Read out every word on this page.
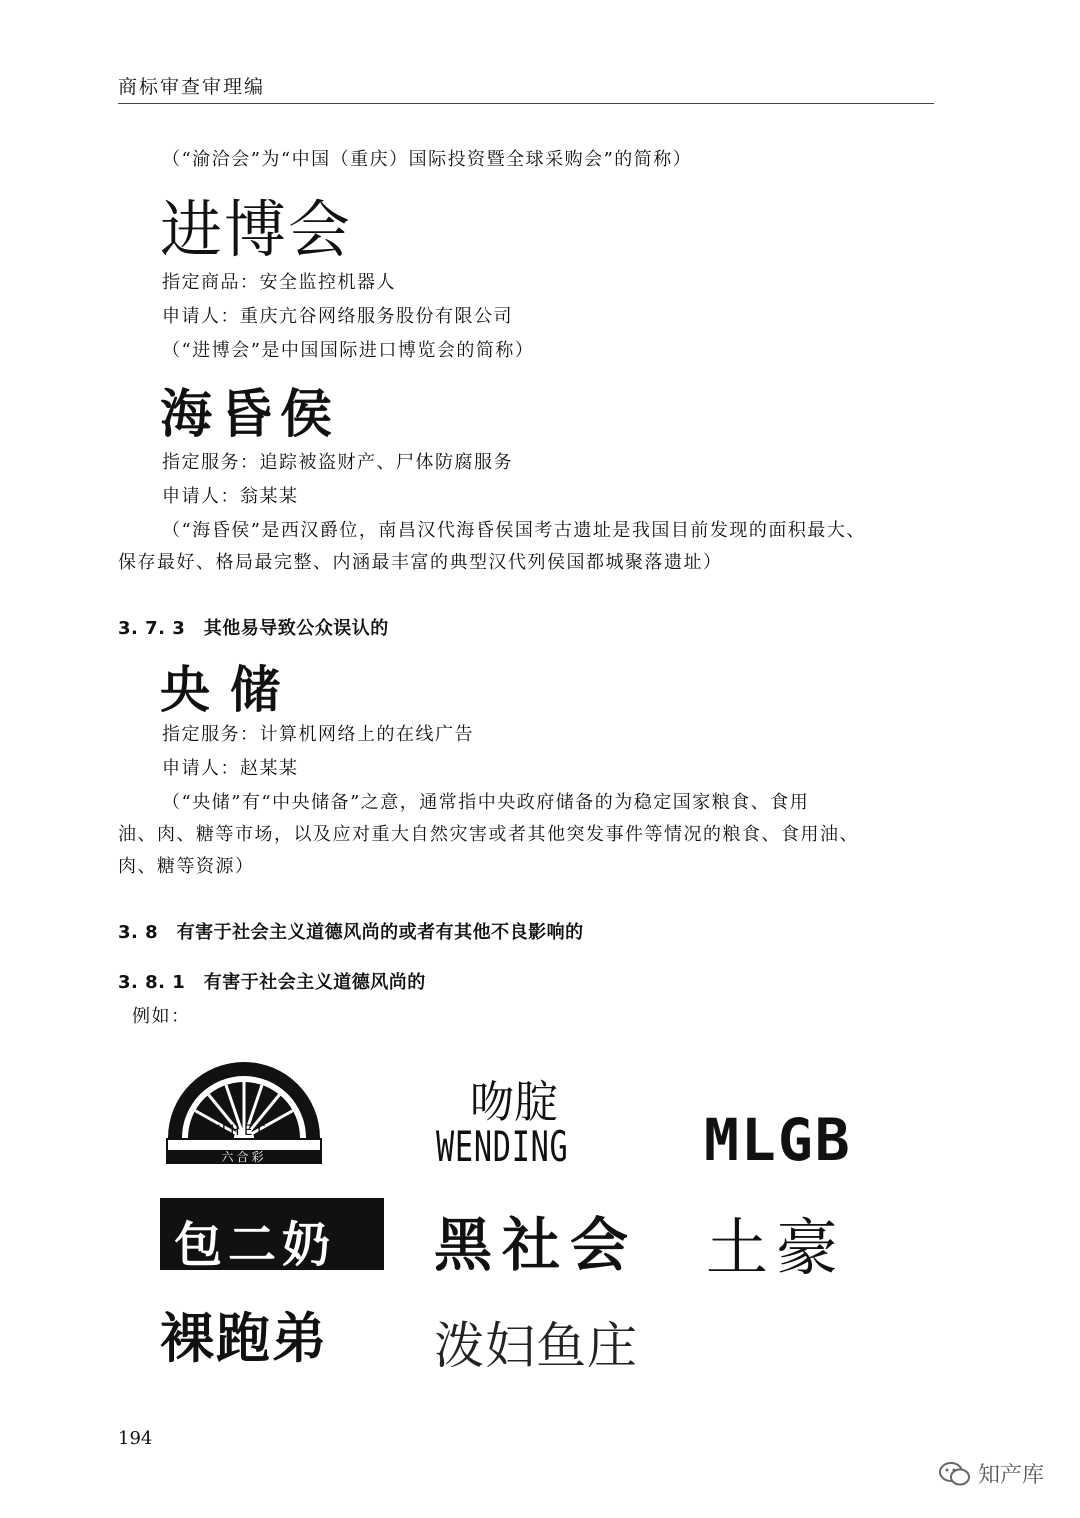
商标审查审理编
（“渝洽会”为“中国（重庆）国际投资暨全球采购会”的简称）
进博会
指定商品：安全监控机器人
申请人：重庆亢谷网络服务股份有限公司
（“进博会”是中国国际进口博览会的简称）
海昏侯
指定服务：追踪被盗财产、尸体防腐服务
申请人：翁某某
（“海昏侯”是西汉爵位，南昌汉代海昏侯国考古遗址是我国目前发现的面积最大、
保存最好、格局最完整、内涵最丰富的典型汉代列侯国都城聚落遗址）
3. 7. 3　其他易导致公众误认的
央储
指定服务：计算机网络上的在线广告
申请人：赵某某
（“央储”有“中央储备”之意，通常指中央政府储备的为稳定国家粮食、食用
油、肉、糖等市场，以及应对重大自然灾害或者其他突发事件等情况的粮食、食用油、
肉、糖等资源）
3. 8　有害于社会主义道德风尚的或者有其他不良影响的
3. 8. 1　有害于社会主义道德风尚的
例如：
LIUHECAI
六合彩
吻腚
WENDING MLGB
包二奶 黑社会 土豪
裸跑弟 泼妇鱼庄
194
知产库
